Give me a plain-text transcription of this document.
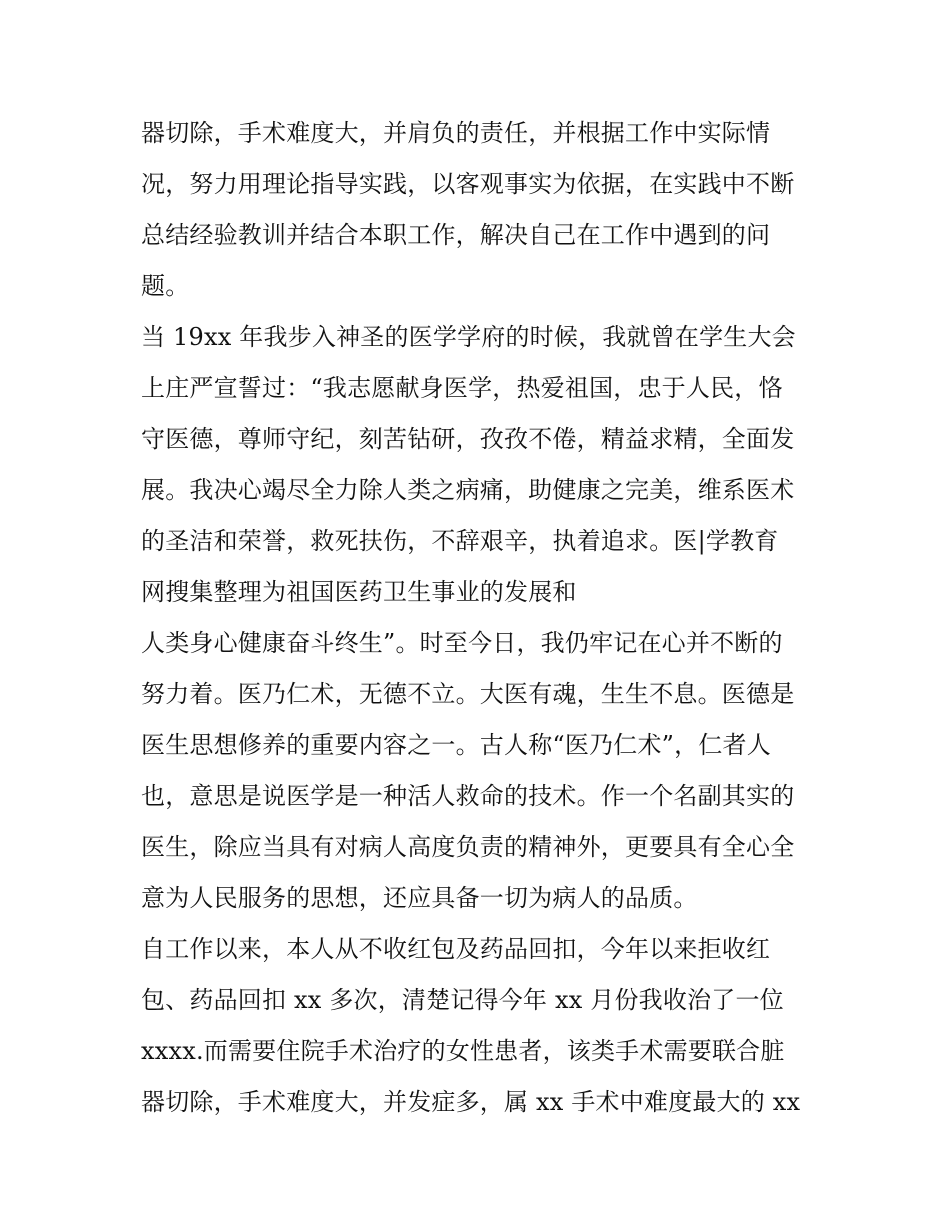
器切除，手术难度大，并肩负的责任，并根据工作中实际情
况，努力用理论指导实践，以客观事实为依据，在实践中不断
总结经验教训并结合本职工作，解决自己在工作中遇到的问
题。
当 19xx 年我步入神圣的医学学府的时候，我就曾在学生大会
上庄严宣誓过：“我志愿献身医学，热爱祖国，忠于人民，恪
守医德，尊师守纪，刻苦钻研，孜孜不倦，精益求精，全面发
展。我决心竭尽全力除人类之病痛，助健康之完美，维系医术
的圣洁和荣誉，救死扶伤，不辞艰辛，执着追求。医|学教育
网搜集整理为祖国医药卫生事业的发展和
人类身心健康奋斗终生”。时至今日，我仍牢记在心并不断的
努力着。医乃仁术，无德不立。大医有魂，生生不息。医德是
医生思想修养的重要内容之一。古人称“医乃仁术”，仁者人
也，意思是说医学是一种活人救命的技术。作一个名副其实的
医生，除应当具有对病人高度负责的精神外，更要具有全心全
意为人民服务的思想，还应具备一切为病人的品质。
自工作以来，本人从不收红包及药品回扣，今年以来拒收红
包、药品回扣 xx 多次，清楚记得今年 xx 月份我收治了一位
xxxx.而需要住院手术治疗的女性患者，该类手术需要联合脏
器切除，手术难度大，并发症多，属 xx 手术中难度最大的 xx
